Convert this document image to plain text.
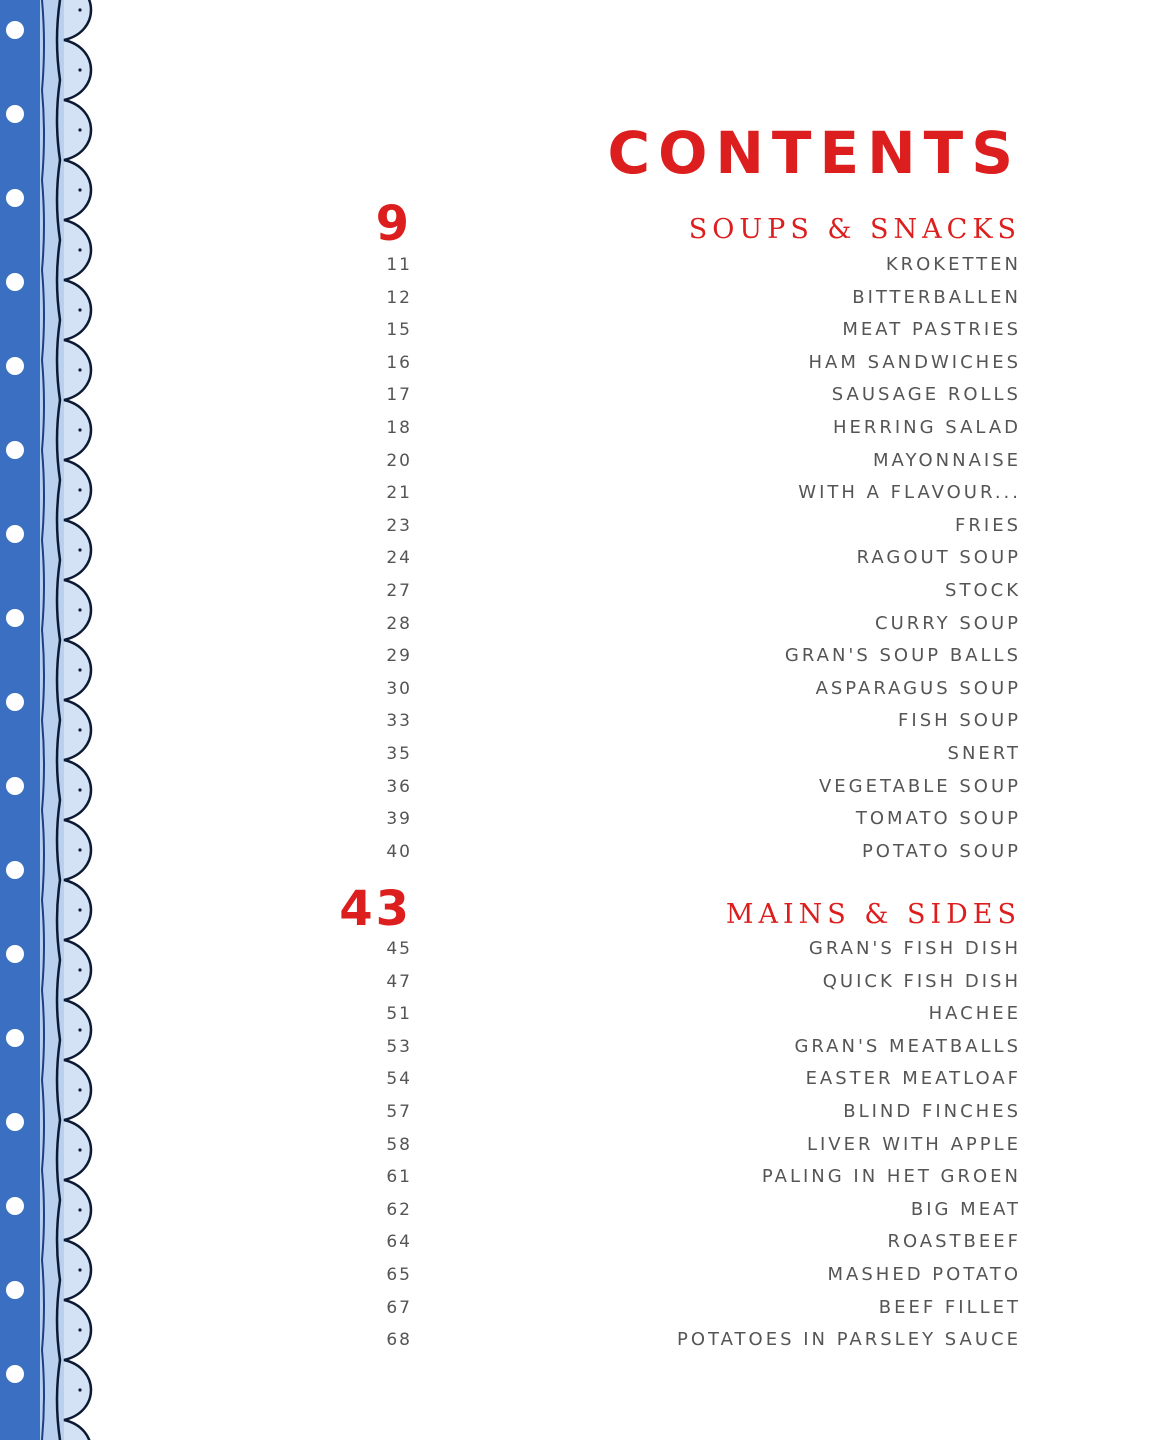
CONTENTS
9	SOUPS & SNACKS
11	KROKETTEN
12	BITTERBALLEN
15	MEAT PASTRIES
16	HAM SANDWICHES
17	SAUSAGE ROLLS
18	HERRING SALAD
20	MAYONNAISE
21	WITH A FLAVOUR...
23	FRIES
24	RAGOUT SOUP
27	STOCK
28	CURRY SOUP
29	GRAN'S SOUP BALLS
30	ASPARAGUS SOUP
33	FISH SOUP
35	SNERT
36	VEGETABLE SOUP
39	TOMATO SOUP
40	POTATO SOUP
43	MAINS & SIDES
45	GRAN'S FISH DISH
47	QUICK FISH DISH
51	HACHEE
53	GRAN'S MEATBALLS
54	EASTER MEATLOAF
57	BLIND FINCHES
58	LIVER WITH APPLE
61	PALING IN HET GROEN
62	BIG MEAT
64	ROASTBEEF
65	MASHED POTATO
67	BEEF FILLET
68	POTATOES IN PARSLEY SAUCE
